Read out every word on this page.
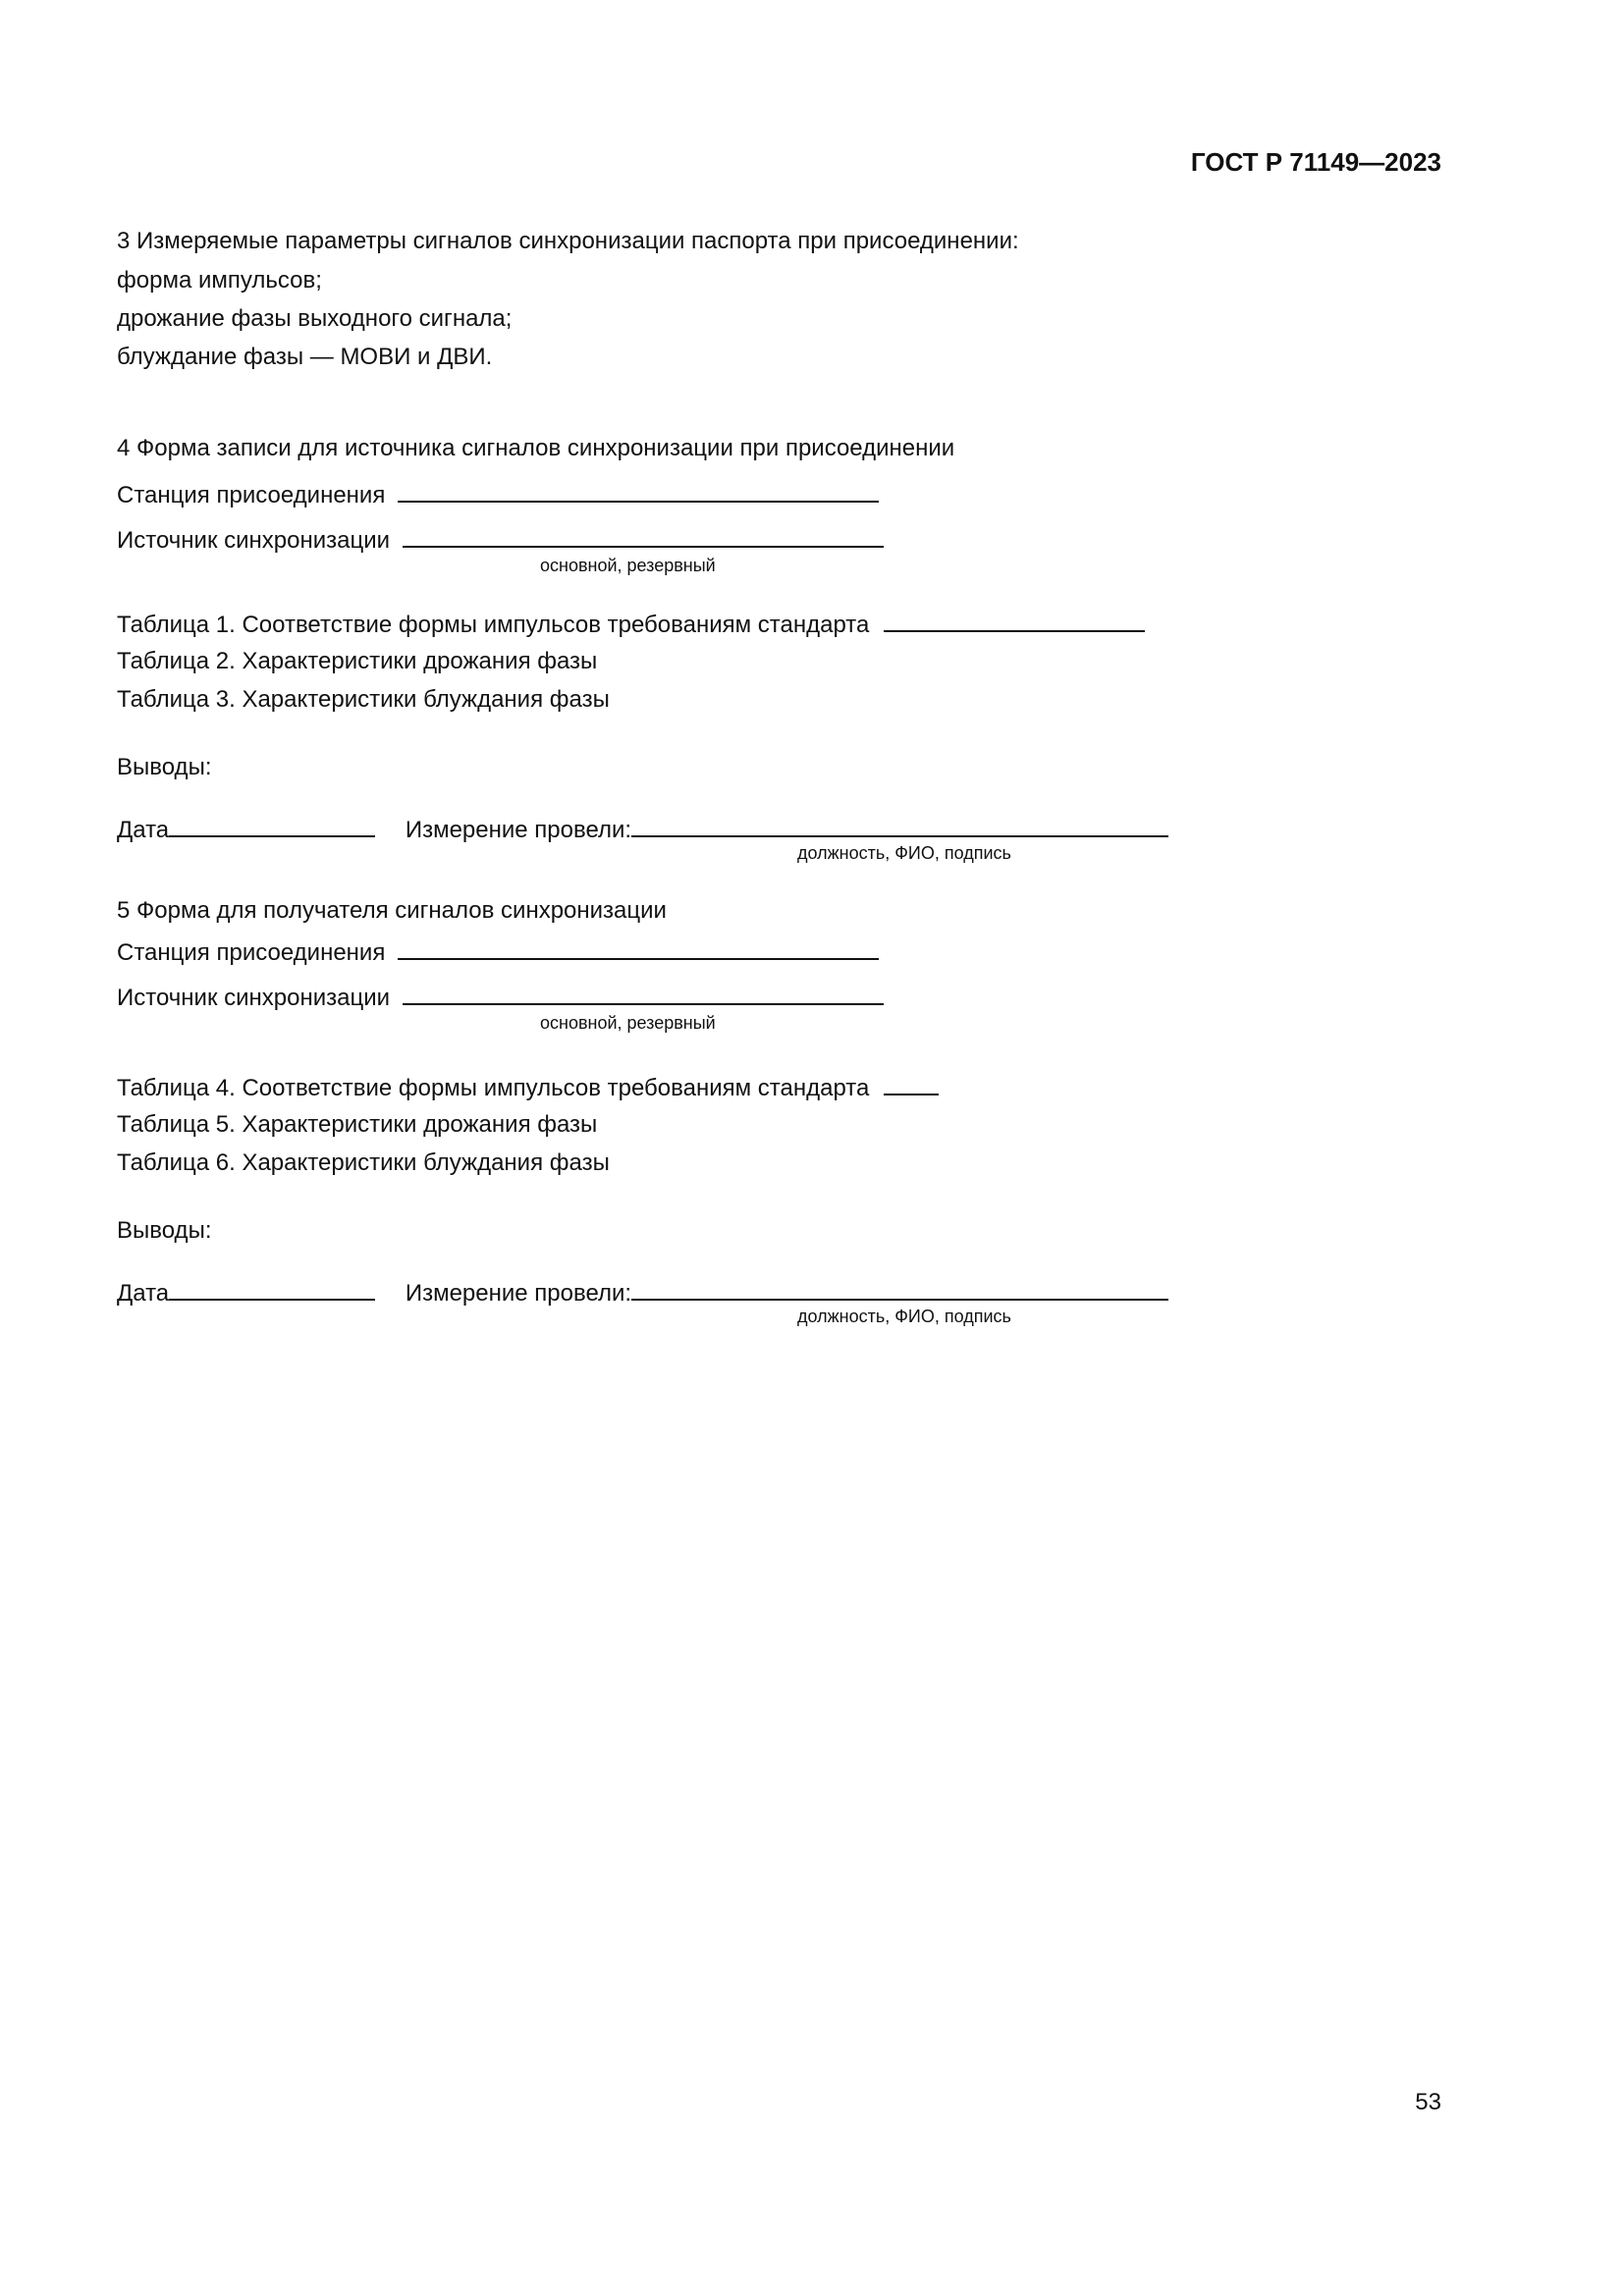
ГОСТ Р 71149—2023
3 Измеряемые параметры сигналов синхронизации паспорта при присоединении:
форма импульсов;
дрожание фазы выходного сигнала;
блуждание фазы — МОВИ и ДВИ.
4 Форма записи для источника сигналов синхронизации при присоединении
Станция присоединения
Источник синхронизации
основной, резервный
Таблица 1. Соответствие формы импульсов требованиям стандарта
Таблица 2. Характеристики дрожания фазы
Таблица 3. Характеристики блуждания фазы
Выводы:
Дата	Измерение провели:
должность, ФИО, подпись
5 Форма для получателя сигналов синхронизации
Станция присоединения
Источник синхронизации
основной, резервный
Таблица 4. Соответствие формы импульсов требованиям стандарта
Таблица 5. Характеристики дрожания фазы
Таблица 6. Характеристики блуждания фазы
Выводы:
Дата	Измерение провели:
должность, ФИО, подпись
53
